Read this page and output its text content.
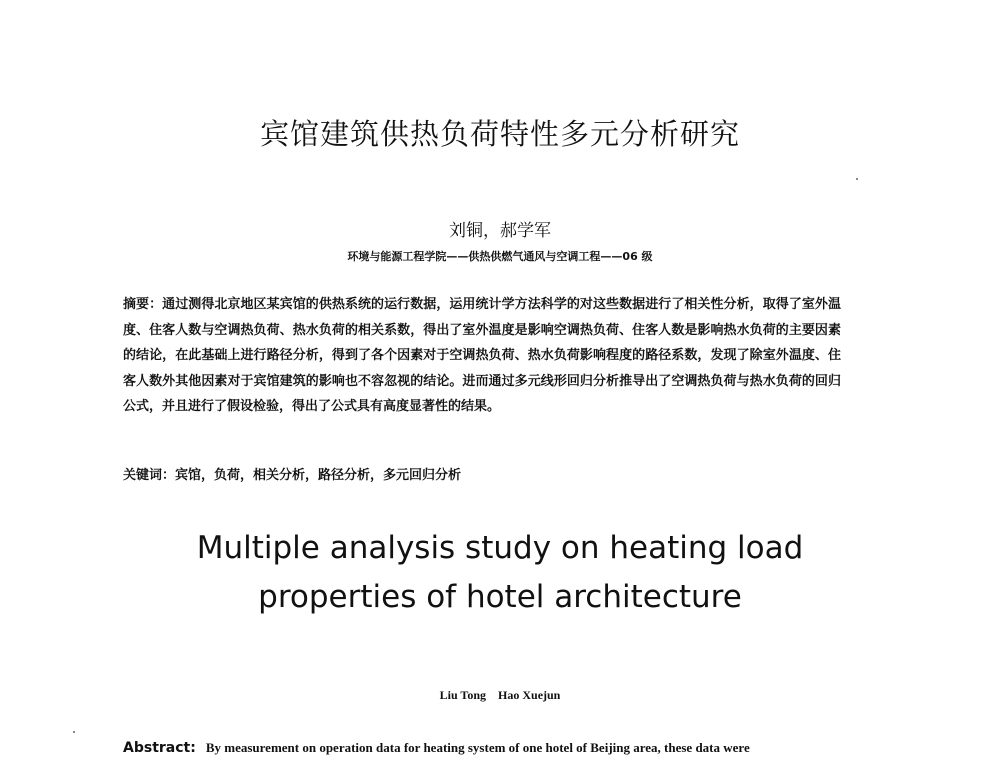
宾馆建筑供热负荷特性多元分析研究
刘铜，郝学军
环境与能源工程学院——供热供燃气通风与空调工程——06 级
摘要：通过测得北京地区某宾馆的供热系统的运行数据，运用统计学方法科学的对这些数据进行了相关性分析，取得了室外温度、住客人数与空调热负荷、热水负荷的相关系数，得出了室外温度是影响空调热负荷、住客人数是影响热水负荷的主要因素的结论，在此基础上进行路径分析，得到了各个因素对于空调热负荷、热水负荷影响程度的路径系数，发现了除室外温度、住客人数外其他因素对于宾馆建筑的影响也不容忽视的结论。进而通过多元线形回归分析推导出了空调热负荷与热水负荷的回归公式，并且进行了假设检验，得出了公式具有高度显著性的结果。
关键词：宾馆，负荷，相关分析，路径分析，多元回归分析
Multiple analysis study on heating load
properties of hotel architecture
Liu Tong Hao Xuejun
Abstract: By measurement on operation data for heating system of one hotel of Beijing area, these data were
